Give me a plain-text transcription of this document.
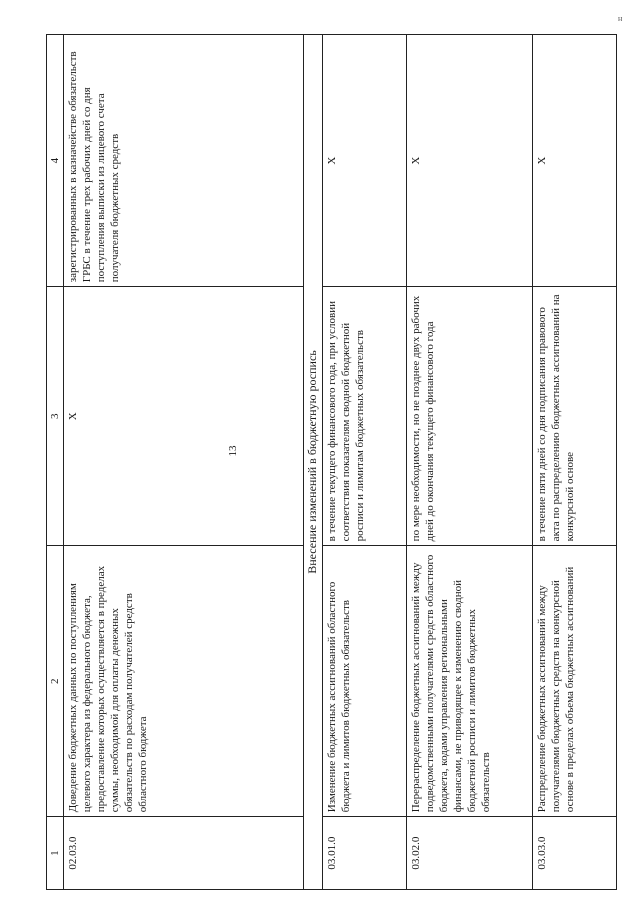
13
н
1	2	3	4
02.03.0	Доведение бюджетных данных по поступлениям целевого характера из федерального бюджета, предоставление которых осуществляется в пределах суммы, необходимой для оплаты денежных обязательств по расходам получателей средств областного бюджета	Х	зарегистрированных в казначействе обязательств ГРБС в течение трех рабочих дней со дня поступления выписки из лицевого счета получателя бюджетных средств
Внесение изменений в бюджетную роспись			
03.01.0	Изменение бюджетных ассигнований областного бюджета и лимитов бюджетных обязательств	в течение текущего финансового года, при условии соответствия показателям сводной бюджетной росписи и лимитам бюджетных обязательств	Х
03.02.0	Перераспределение бюджетных ассигнований между подведомственными получателями средств областного бюджета, кодами управления региональными финансами, не приводящее к изменению сводной бюджетной росписи и лимитов бюджетных обязательств	по мере необходимости, но не позднее двух рабочих дней до окончания текущего финансового года	Х
03.03.0	Распределение бюджетных ассигнований между получателями бюджетных средств на конкурсной основе в пределах объема бюджетных ассигнований	в течение пяти дней со дня подписания правового акта по распределению бюджетных ассигнований на конкурсной основе	Х
